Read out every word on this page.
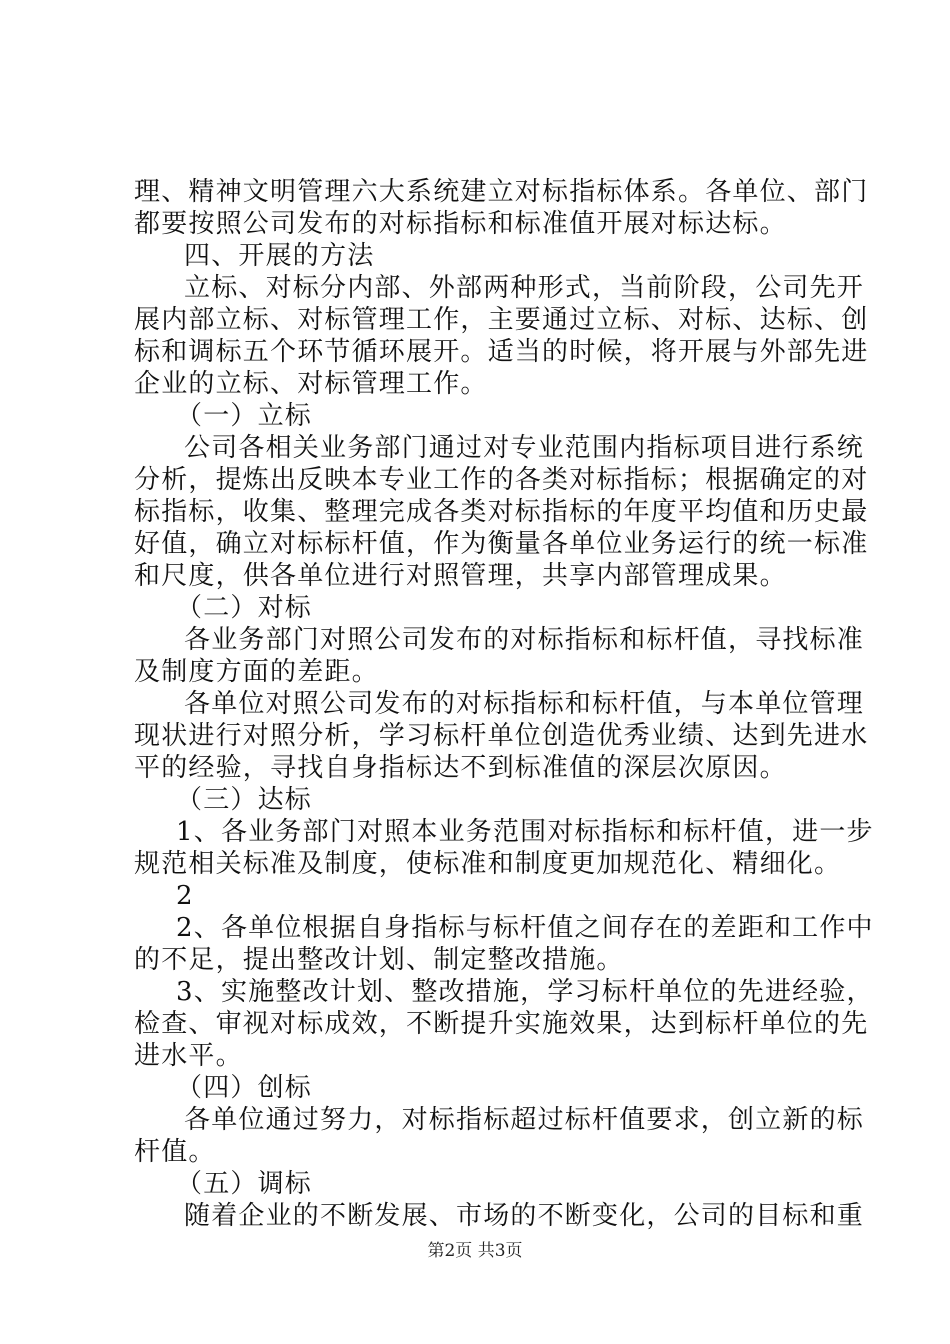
理、精神文明管理六大系统建立对标指标体系。各单位、部门
都要按照公司发布的对标指标和标准值开展对标达标。
四、开展的方法
立标、对标分内部、外部两种形式，当前阶段，公司先开
展内部立标、对标管理工作，主要通过立标、对标、达标、创
标和调标五个环节循环展开。适当的时候，将开展与外部先进
企业的立标、对标管理工作。
（一）立标
公司各相关业务部门通过对专业范围内指标项目进行系统
分析，提炼出反映本专业工作的各类对标指标；根据确定的对
标指标，收集、整理完成各类对标指标的年度平均值和历史最
好值，确立对标标杆值，作为衡量各单位业务运行的统一标准
和尺度，供各单位进行对照管理，共享内部管理成果。
（二）对标
各业务部门对照公司发布的对标指标和标杆值，寻找标准
及制度方面的差距。
各单位对照公司发布的对标指标和标杆值，与本单位管理
现状进行对照分析，学习标杆单位创造优秀业绩、达到先进水
平的经验，寻找自身指标达不到标准值的深层次原因。
（三）达标
1、各业务部门对照本业务范围对标指标和标杆值，进一步
规范相关标准及制度，使标准和制度更加规范化、精细化。
2
2、各单位根据自身指标与标杆值之间存在的差距和工作中
的不足，提出整改计划、制定整改措施。
3、实施整改计划、整改措施，学习标杆单位的先进经验，
检查、审视对标成效，不断提升实施效果，达到标杆单位的先
进水平。
（四）创标
各单位通过努力，对标指标超过标杆值要求，创立新的标
杆值。
（五）调标
随着企业的不断发展、市场的不断变化，公司的目标和重
第2页 共3页
